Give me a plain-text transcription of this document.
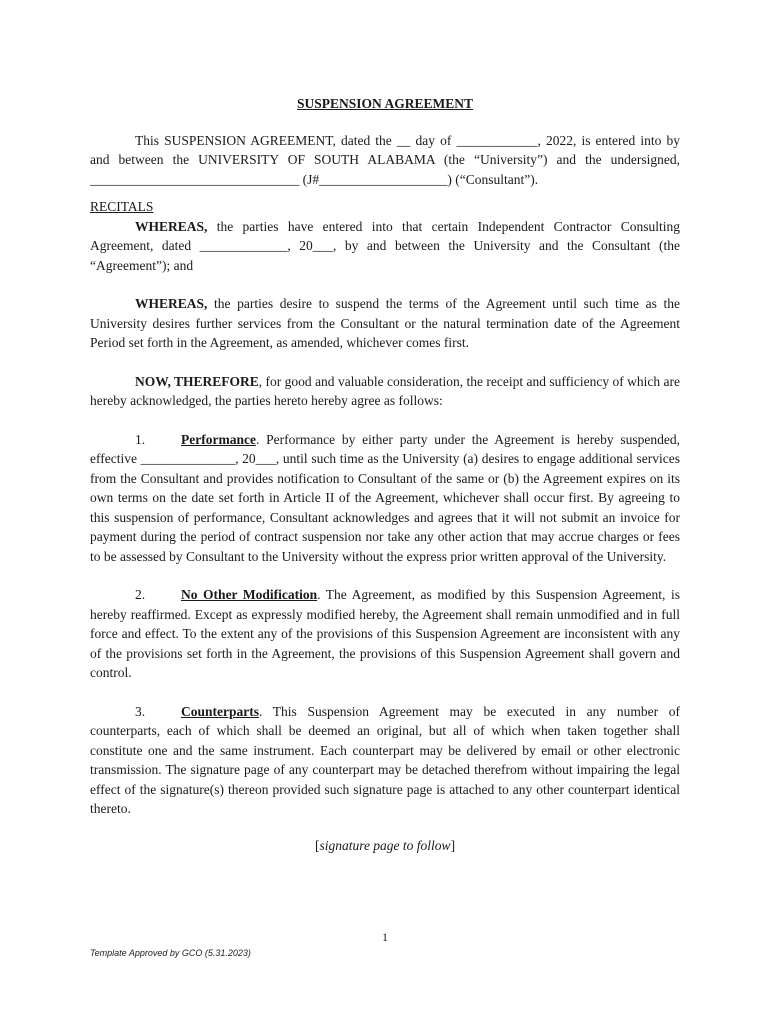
SUSPENSION AGREEMENT

This SUSPENSION AGREEMENT, dated the __ day of ____________, 2022, is entered into by and between the UNIVERSITY OF SOUTH ALABAMA (the “University”) and the undersigned, _______________________________ (J#___________________) (“Consultant”).

RECITALS

WHEREAS, the parties have entered into that certain Independent Contractor Consulting Agreement, dated _____________, 20___, by and between the University and the Consultant (the “Agreement”); and

WHEREAS, the parties desire to suspend the terms of the Agreement until such time as the University desires further services from the Consultant or the natural termination date of the Agreement Period set forth in the Agreement, as amended, whichever comes first.

NOW, THEREFORE, for good and valuable consideration, the receipt and sufficiency of which are hereby acknowledged, the parties hereto hereby agree as follows:

1.	Performance. Performance by either party under the Agreement is hereby suspended, effective ______________, 20___, until such time as the University (a) desires to engage additional services from the Consultant and provides notification to Consultant of the same or (b) the Agreement expires on its own terms on the date set forth in Article II of the Agreement, whichever shall occur first. By agreeing to this suspension of performance, Consultant acknowledges and agrees that it will not submit an invoice for payment during the period of contract suspension nor take any other action that may accrue charges or fees to be assessed by Consultant to the University without the express prior written approval of the University.

2.	No Other Modification. The Agreement, as modified by this Suspension Agreement, is hereby reaffirmed. Except as expressly modified hereby, the Agreement shall remain unmodified and in full force and effect. To the extent any of the provisions of this Suspension Agreement are inconsistent with any of the provisions set forth in the Agreement, the provisions of this Suspension Agreement shall govern and control.

3.	Counterparts. This Suspension Agreement may be executed in any number of counterparts, each of which shall be deemed an original, but all of which when taken together shall constitute one and the same instrument. Each counterpart may be delivered by email or other electronic transmission. The signature page of any counterpart may be detached therefrom without impairing the legal effect of the signature(s) thereon provided such signature page is attached to any other counterpart identical thereto.

[signature page to follow]

1
Template Approved by GCO (5.31.2023)
